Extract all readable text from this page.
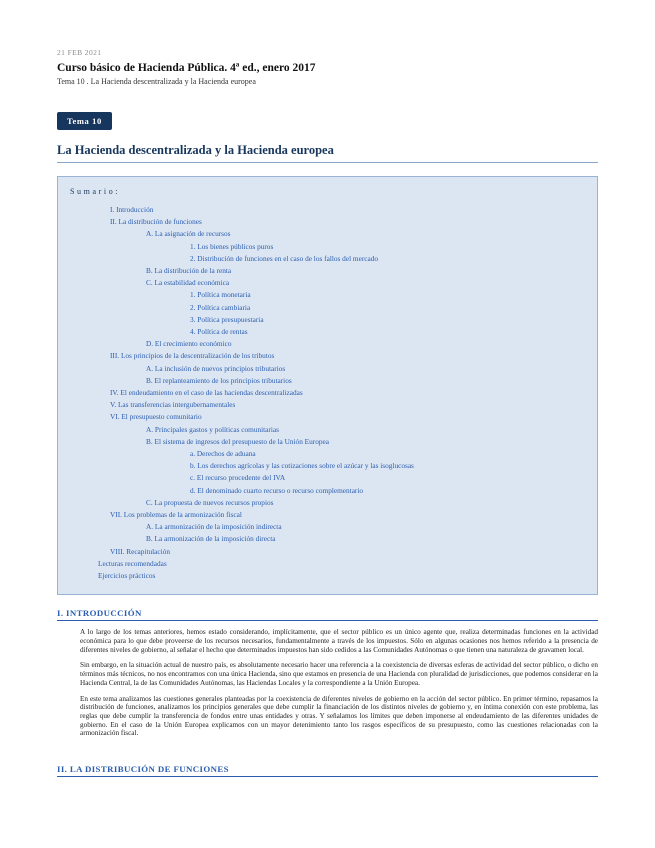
21 FEB 2021
Curso básico de Hacienda Pública. 4ª ed., enero 2017
Tema 10 . La Hacienda descentralizada y la Hacienda europea
Tema 10
La Hacienda descentralizada y la Hacienda europea
Sumario:
I. Introducción
II. La distribución de funciones
A. La asignación de recursos
1. Los bienes públicos puros
2. Distribución de funciones en el caso de los fallos del mercado
B. La distribución de la renta
C. La estabilidad económica
1. Política monetaria
2. Política cambiaria
3. Política presupuestaria
4. Política de rentas
D. El crecimiento económico
III. Los principios de la descentralización de los tributos
A. La inclusión de nuevos principios tributarios
B. El replanteamiento de los principios tributarios
IV. El endeudamiento en el caso de las haciendas descentralizadas
V. Las transferencias intergubernamentales
VI. El presupuesto comunitario
A. Principales gastos y políticas comunitarias
B. El sistema de ingresos del presupuesto de la Unión Europea
a. Derechos de aduana
b. Los derechos agrícolas y las cotizaciones sobre el azúcar y las isoglucosas
c. El recurso procedente del IVA
d. El denominado cuarto recurso o recurso complementario
C. La propuesta de nuevos recursos propios
VII. Los problemas de la armonización fiscal
A. La armonización de la imposición indirecta
B. La armonización de la imposición directa
VIII. Recapitulación
Lecturas recomendadas
Ejercicios prácticos
I. INTRODUCCIÓN

A lo largo de los temas anteriores, hemos estado considerando, implícitamente, que el sector público es un único agente que, realiza determinadas funciones en la actividad económica para lo que debe proveerse de los recursos necesarios, fundamentalmente a través de los impuestos. Sólo en algunas ocasiones nos hemos referido a la presencia de diferentes niveles de gobierno, al señalar el hecho que determinados impuestos han sido cedidos a las Comunidades Autónomas o que tienen una naturaleza de gravamen local.

Sin embargo, en la situación actual de nuestro país, es absolutamente necesario hacer una referencia a la coexistencia de diversas esferas de actividad del sector público, o dicho en términos más técnicos, no nos encontramos con una única Hacienda, sino que estamos en presencia de una Hacienda con pluralidad de jurisdicciones, que podemos considerar en la Hacienda Central, la de las Comunidades Autónomas, las Haciendas Locales y la correspondiente a la Unión Europea.

En este tema analizamos las cuestiones generales planteadas por la coexistencia de diferentes niveles de gobierno en la acción del sector público. En primer término, repasamos la distribución de funciones, analizamos los principios generales que debe cumplir la financiación de los distintos niveles de gobierno y, en íntima conexión con este problema, las reglas que debe cumplir la transferencia de fondos entre unas entidades y otras. Y señalamos los límites que deben imponerse al endeudamiento de las diferentes unidades de gobierno. En el caso de la Unión Europea explicamos con un mayor detenimiento tanto los rasgos específicos de su presupuesto, como las cuestiones relacionadas con la armonización fiscal.

II. LA DISTRIBUCIÓN DE FUNCIONES
